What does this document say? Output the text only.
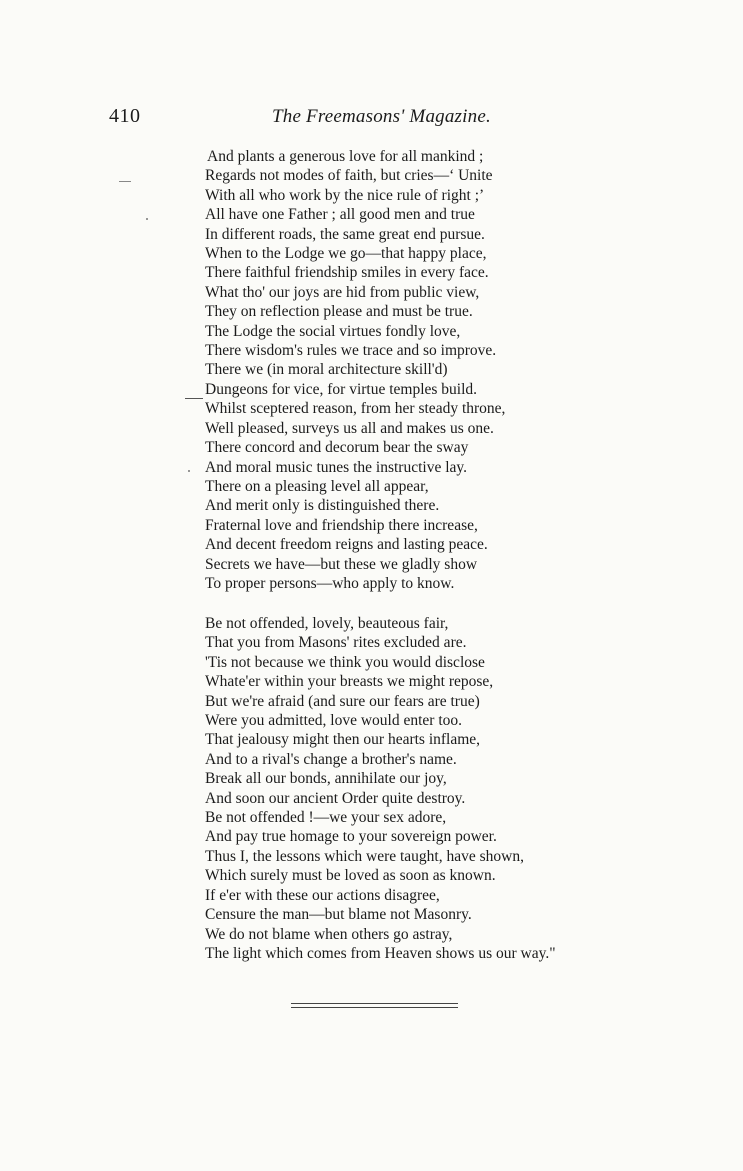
410	The Freemasons' Magazine.
And plants a generous love for all mankind ;
Regards not modes of faith, but cries—‘ Unite
With all who work by the nice rule of right ;’
All have one Father ; all good men and true
In different roads, the same great end pursue.
When to the Lodge we go—that happy place,
There faithful friendship smiles in every face.
What tho' our joys are hid from public view,
They on reflection please and must be true.
The Lodge the social virtues fondly love,
There wisdom's rules we trace and so improve.
There we (in moral architecture skill'd)
Dungeons for vice, for virtue temples build.
Whilst sceptered reason, from her steady throne,
Well pleased, surveys us all and makes us one.
There concord and decorum bear the sway
And moral music tunes the instructive lay.
There on a pleasing level all appear,
And merit only is distinguished there.
Fraternal love and friendship there increase,
And decent freedom reigns and lasting peace.
Secrets we have—but these we gladly show
To proper persons—who apply to know.
Be not offended, lovely, beauteous fair,
That you from Masons' rites excluded are.
'Tis not because we think you would disclose
Whate'er within your breasts we might repose,
But we're afraid (and sure our fears are true)
Were you admitted, love would enter too.
That jealousy might then our hearts inflame,
And to a rival's change a brother's name.
Break all our bonds, annihilate our joy,
And soon our ancient Order quite destroy.
Be not offended !—we your sex adore,
And pay true homage to your sovereign power.
Thus I, the lessons which were taught, have shown,
Which surely must be loved as soon as known.
If e'er with these our actions disagree,
Censure the man—but blame not Masonry.
We do not blame when others go astray,
The light which comes from Heaven shows us our way."
